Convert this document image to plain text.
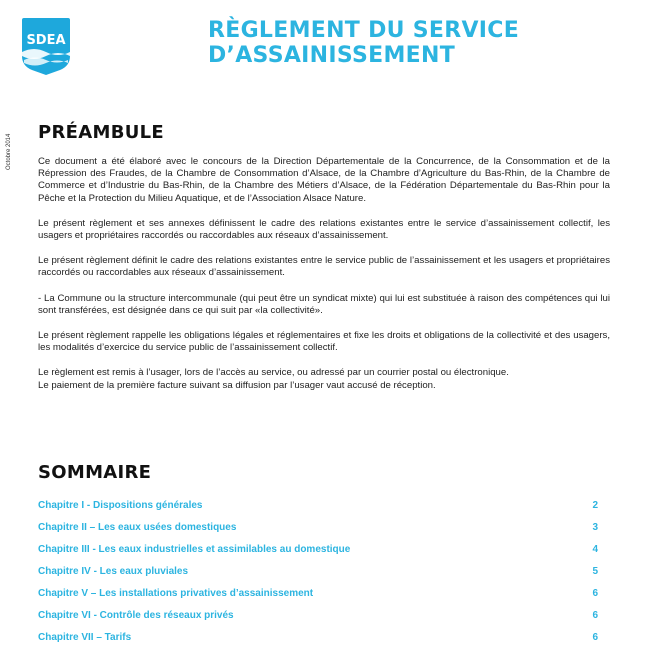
SDEA	RÈGLEMENT DU SERVICE
D’ASSAINISSEMENT
Octobre 2014
PRÉAMBULE

Ce document a été élaboré avec le concours de la Direction Départementale de la Concurrence, de la Consommation et de la Répression des Fraudes, de la Chambre de Consommation d’Alsace, de la Chambre d’Agriculture du Bas-Rhin, de la Chambre de Commerce et d’Industrie du Bas-Rhin, de la Chambre des Métiers d’Alsace, de la Fédération Départementale du Bas-Rhin pour la Pêche et la Protection du Milieu Aquatique, et de l’Association Alsace Nature.

Le présent règlement et ses annexes définissent le cadre des relations existantes entre le service d’assainissement collectif, les usagers et propriétaires raccordés ou raccordables aux réseaux d’assainissement.

Le présent règlement définit le cadre des relations existantes entre le service public de l’assainissement et les usagers et propriétaires raccordés ou raccordables aux réseaux d’assainissement.

- La Commune ou la structure intercommunale (qui peut être un syndicat mixte) qui lui est substituée à raison des compétences qui lui sont transférées, est désignée dans ce qui suit par «la collectivité».

Le présent règlement rappelle les obligations légales et réglementaires et fixe les droits et obligations de la collectivité et des usagers, les modalités d’exercice du service public de l’assainissement collectif.

Le règlement est remis à l’usager, lors de l’accès au service, ou adressé par un courrier postal ou électronique.

Le paiement de la première facture suivant sa diffusion par l’usager vaut accusé de réception.

SOMMAIRE
Chapitre I - Dispositions générales	2
Chapitre II – Les eaux usées domestiques	3
Chapitre III - Les eaux industrielles et assimilables au domestique	4
Chapitre IV - Les eaux pluviales	5
Chapitre V – Les installations privatives d’assainissement	6
Chapitre VI - Contrôle des réseaux privés	6
Chapitre VII – Tarifs	6
